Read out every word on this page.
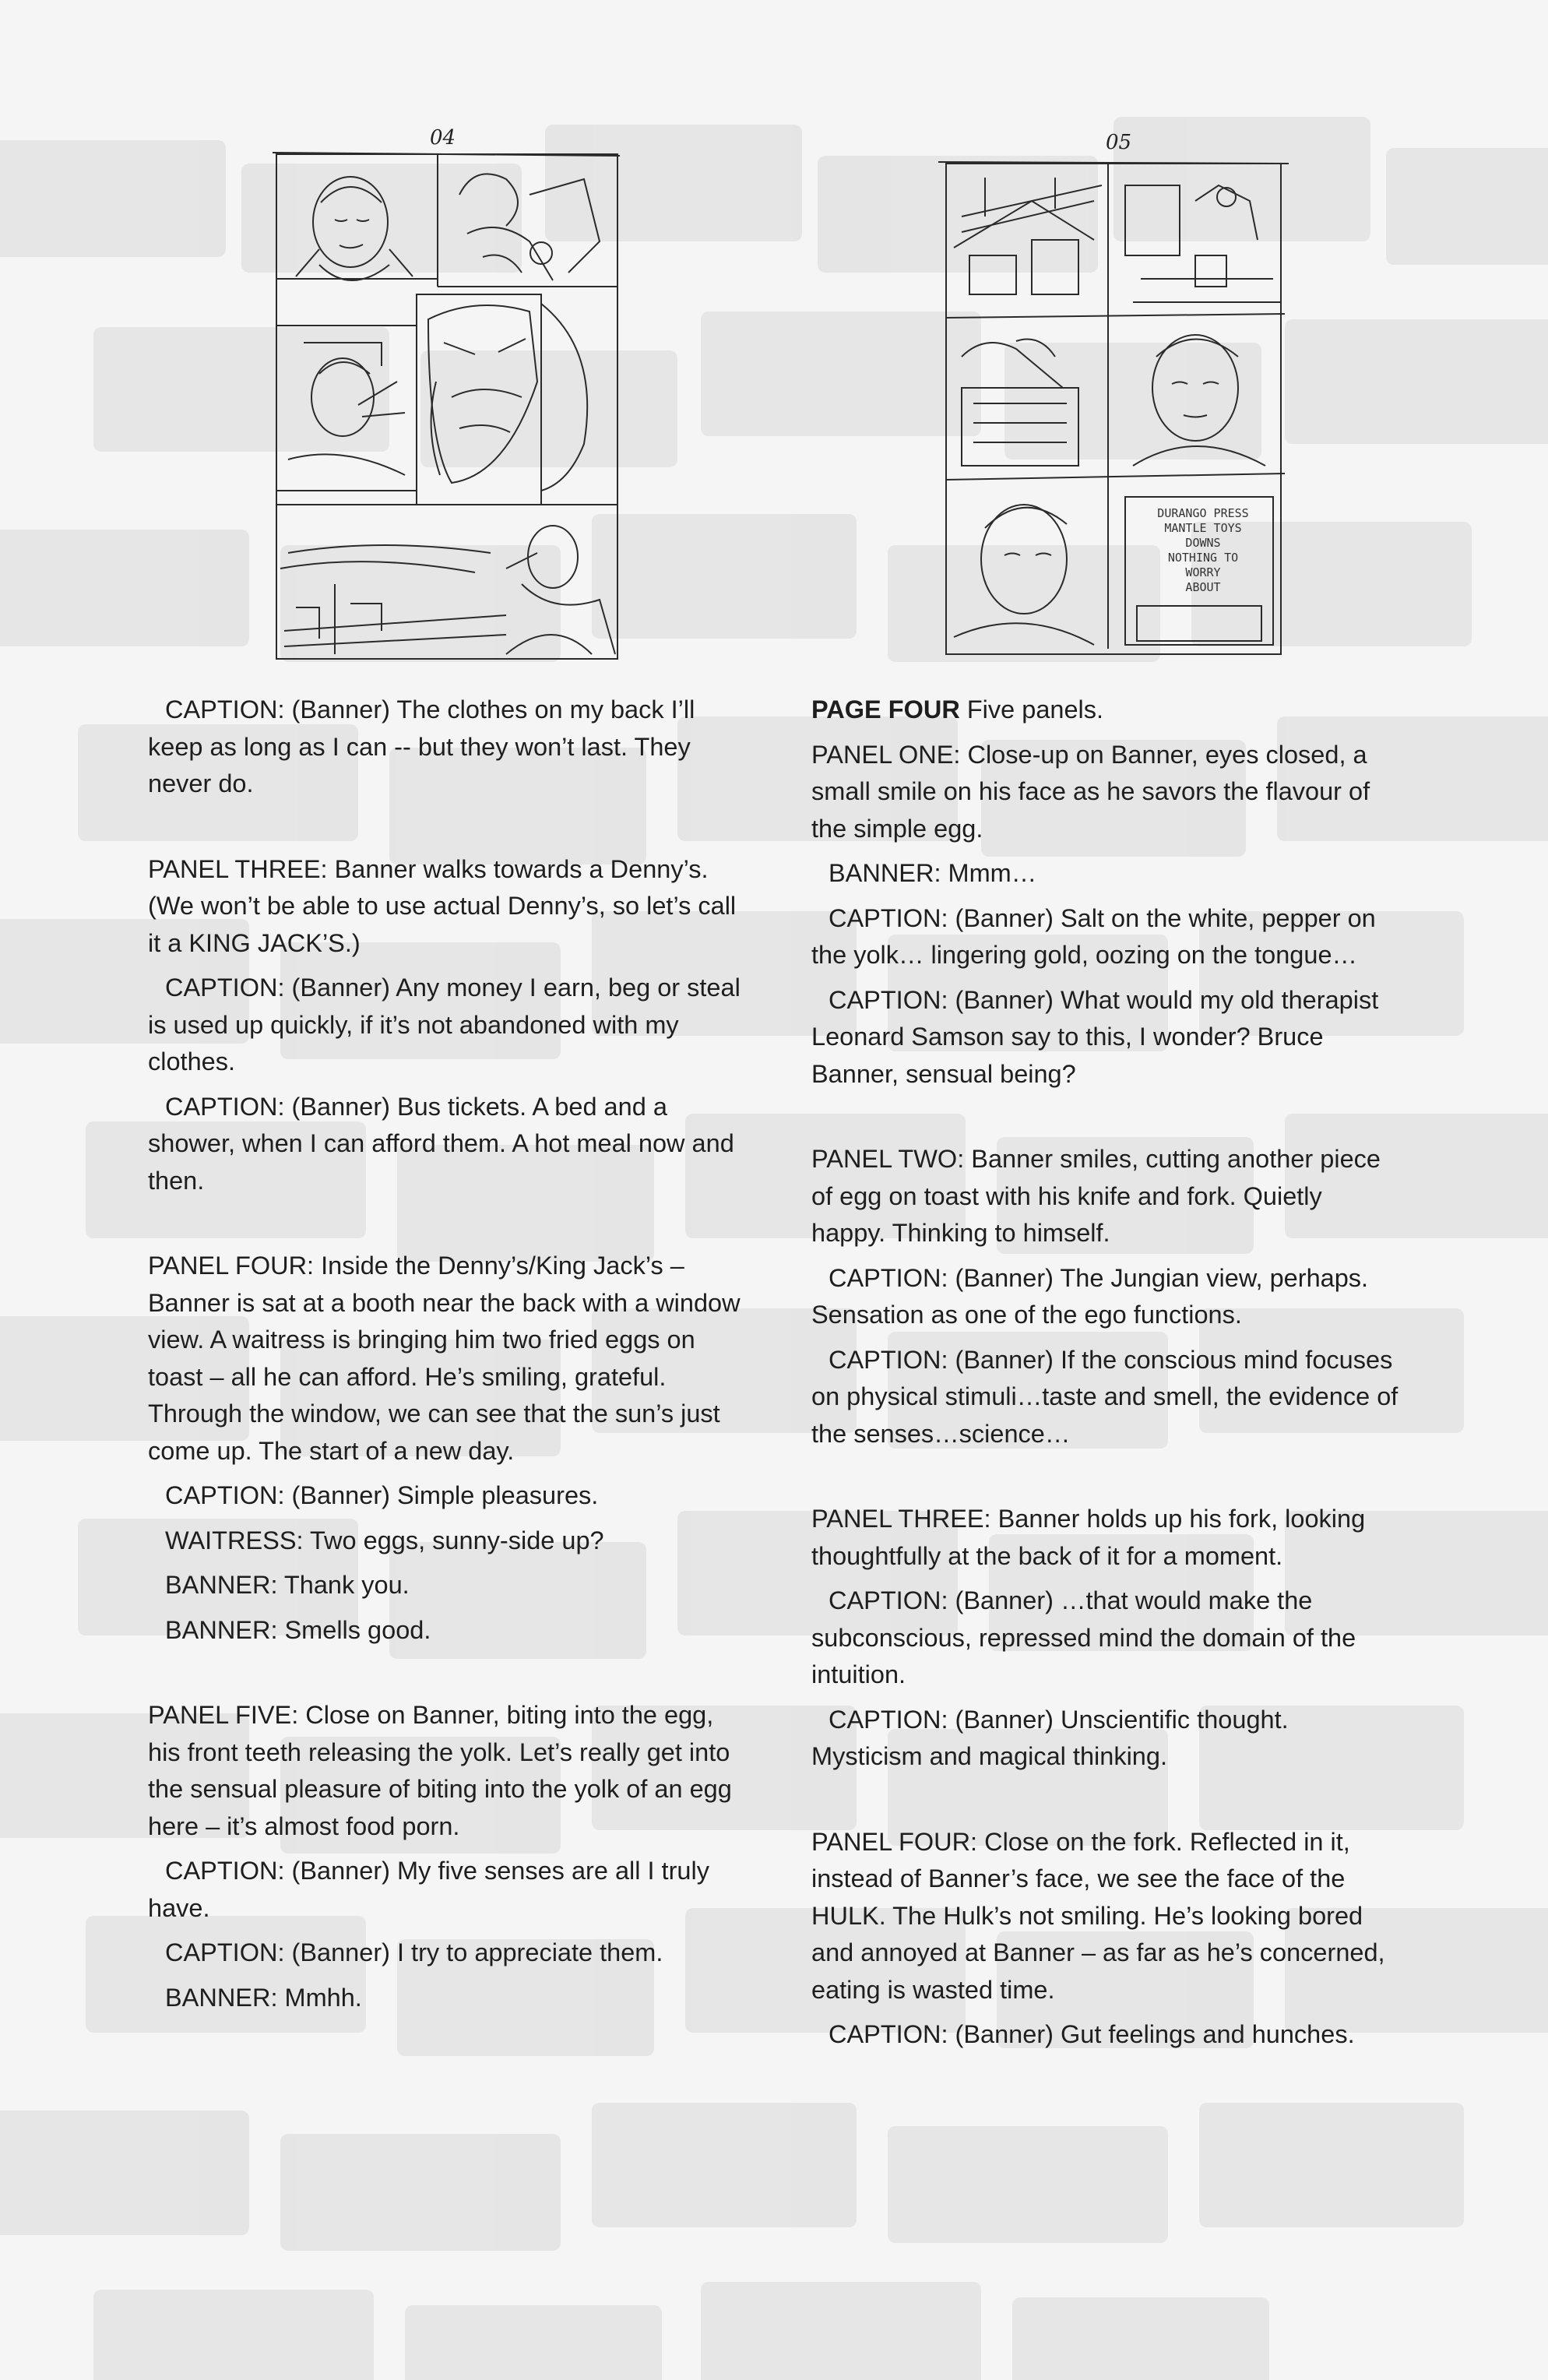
04	05
DURANGO PRESS
MANTLE TOYS
DOWNS
NOTHING TO
WORRY
ABOUT

CAPTION: (Banner) The clothes on my back I’ll keep as long as I can -- but they won’t last. They never do.

PANEL THREE: Banner walks towards a Denny’s. (We won’t be able to use actual Denny’s, so let’s call it a KING JACK’S.)

CAPTION: (Banner) Any money I earn, beg or steal is used up quickly, if it’s not abandoned with my clothes.

CAPTION: (Banner) Bus tickets. A bed and a shower, when I can afford them. A hot meal now and then.

PANEL FOUR: Inside the Denny’s/King Jack’s – Banner is sat at a booth near the back with a window view. A waitress is bringing him two fried eggs on toast – all he can afford. He’s smiling, grateful. Through the window, we can see that the sun’s just come up. The start of a new day.

CAPTION: (Banner) Simple pleasures.

WAITRESS: Two eggs, sunny-side up?

BANNER: Thank you.

BANNER: Smells good.

PANEL FIVE: Close on Banner, biting into the egg, his front teeth releasing the yolk. Let’s really get into the sensual pleasure of biting into the yolk of an egg here – it’s almost food porn.

CAPTION: (Banner) My five senses are all I truly have.

CAPTION: (Banner) I try to appreciate them.

BANNER: Mmhh.

PAGE FOUR Five panels.

PANEL ONE: Close-up on Banner, eyes closed, a small smile on his face as he savors the flavour of the simple egg.

BANNER: Mmm…

CAPTION: (Banner) Salt on the white, pepper on the yolk… lingering gold, oozing on the tongue…

CAPTION: (Banner) What would my old therapist Leonard Samson say to this, I wonder? Bruce Banner, sensual being?

PANEL TWO: Banner smiles, cutting another piece of egg on toast with his knife and fork. Quietly happy. Thinking to himself.

CAPTION: (Banner) The Jungian view, perhaps. Sensation as one of the ego functions.

CAPTION: (Banner) If the conscious mind focuses on physical stimuli…taste and smell, the evidence of the senses…science…

PANEL THREE: Banner holds up his fork, looking thoughtfully at the back of it for a moment.

CAPTION: (Banner) …that would make the subconscious, repressed mind the domain of the intuition.

CAPTION: (Banner) Unscientific thought. Mysticism and magical thinking.

PANEL FOUR: Close on the fork. Reflected in it, instead of Banner’s face, we see the face of the HULK. The Hulk’s not smiling. He’s looking bored and annoyed at Banner – as far as he’s concerned, eating is wasted time.

CAPTION: (Banner) Gut feelings and hunches.
